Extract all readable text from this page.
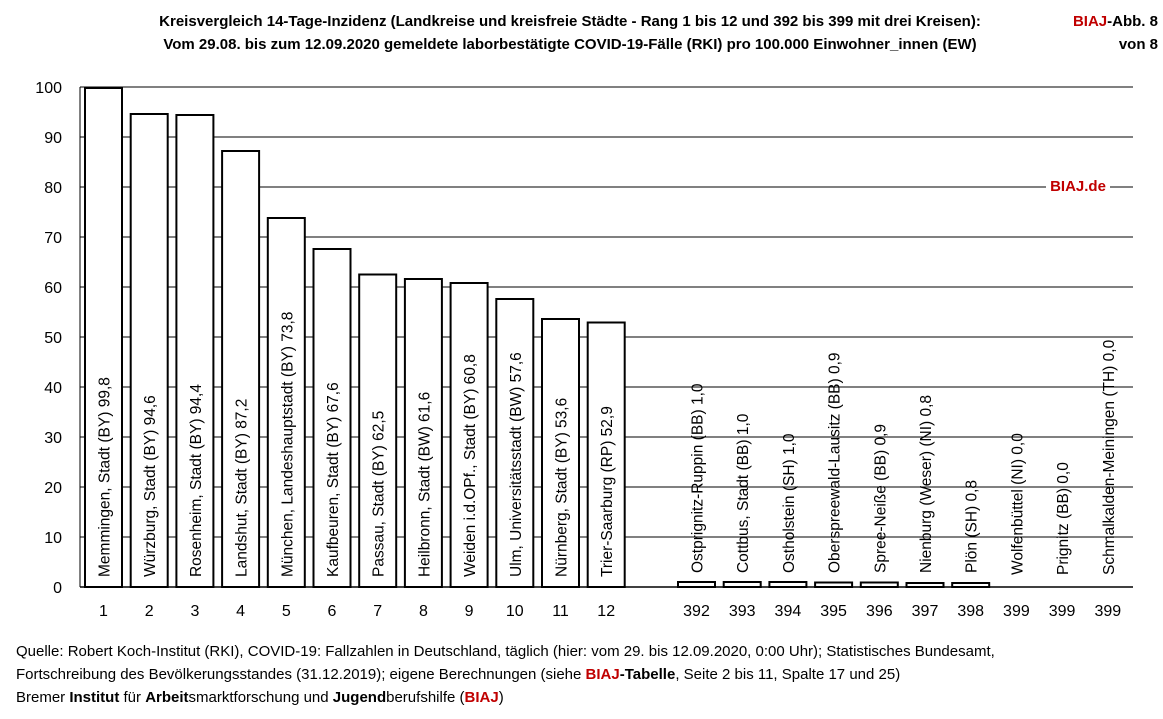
Kreisvergleich 14-Tage-Inzidenz (Landkreise und kreisfreie Städte - Rang 1 bis 12 und 392 bis 399 mit drei Kreisen):
Vom 29.08. bis zum 12.09.2020 gemeldete laborbestätigte COVID-19-Fälle (RKI) pro 100.000 Einwohner_innen (EW)
BIAJ-Abb. 8
von 8
0
10
20
30
40
50
60
70
80
90
100
Memmingen, Stadt (BY) 99,8 Würzburg, Stadt (BY) 94,6 Rosenheim, Stadt (BY) 94,4 Landshut, Stadt (BY) 87,2 München, Landeshauptstadt (BY) 73,8 Kaufbeuren, Stadt (BY) 67,6 Passau, Stadt (BY) 62,5 Heilbronn, Stadt (BW) 61,6 Weiden i.d.OPf., Stadt (BY) 60,8 Ulm, Universitätsstadt (BW) 57,6 Nürnberg, Stadt (BY) 53,6 Trier-Saarburg (RP) 52,9	Ostprignitz-Ruppin (BB) 1,0 Cottbus, Stadt (BB) 1,0 Ostholstein (SH) 1,0 Oberspreewald-Lausitz (BB) 0,9 Spree-Neiße (BB) 0,9 Nienburg (Weser) (NI) 0,8 Plön (SH) 0,8 Wolfenbüttel (NI) 0,0 Prignitz (BB) 0,0 Schmalkalden-Meiningen (TH) 0,0
1 2 3 4 5 6 7 8 9 10 11 12	392 393 394 395 396 397 398 399 399 399
BIAJ.de
Quelle: Robert Koch-Institut (RKI), COVID-19: Fallzahlen in Deutschland, täglich (hier: vom 29. bis 12.09.2020, 0:00 Uhr); Statistisches Bundesamt,
Fortschreibung des Bevölkerungsstandes (31.12.2019); eigene Berechnungen (siehe BIAJ-Tabelle, Seite 2 bis 11, Spalte 17 und 25)
Bremer Institut für Arbeitsmarktforschung und Jugendberufshilfe (BIAJ)
